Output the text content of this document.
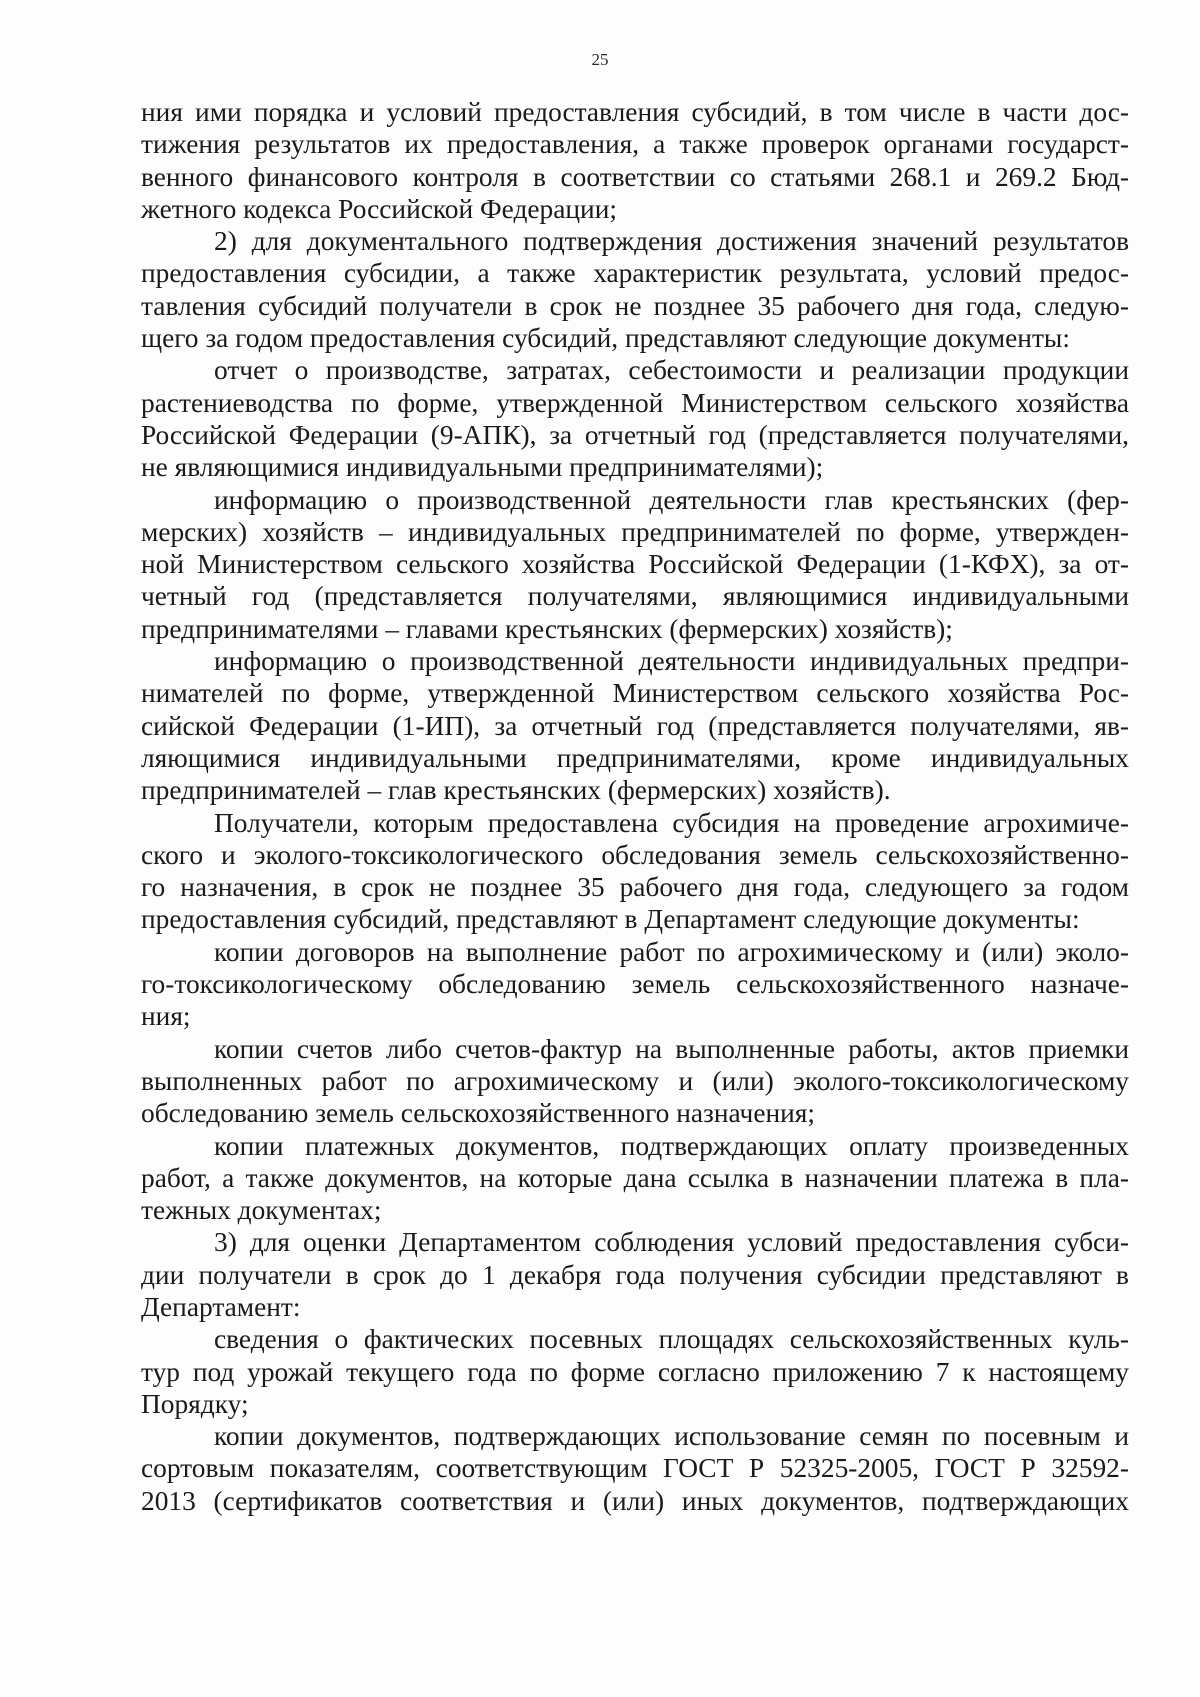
25
ния ими порядка и условий предоставления субсидий, в том числе в части дос-
тижения результатов их предоставления, а также проверок органами государст-
венного финансового контроля в соответствии со статьями 268.1 и 269.2 Бюд-
жетного кодекса Российской Федерации;
2) для документального подтверждения достижения значений результатов
предоставления субсидии, а также характеристик результата, условий предос-
тавления субсидий получатели в срок не позднее 35 рабочего дня года, следую-
щего за годом предоставления субсидий, представляют следующие документы:
отчет о производстве, затратах, себестоимости и реализации продукции
растениеводства по форме, утвержденной Министерством сельского хозяйства
Российской Федерации (9-АПК), за отчетный год (представляется получателями,
не являющимися индивидуальными предпринимателями);
информацию о производственной деятельности глав крестьянских (фер-
мерских) хозяйств – индивидуальных предпринимателей по форме, утвержден-
ной Министерством сельского хозяйства Российской Федерации (1-КФХ), за от-
четный год (представляется получателями, являющимися индивидуальными
предпринимателями – главами крестьянских (фермерских) хозяйств);
информацию о производственной деятельности индивидуальных предпри-
нимателей по форме, утвержденной Министерством сельского хозяйства Рос-
сийской Федерации (1-ИП), за отчетный год (представляется получателями, яв-
ляющимися индивидуальными предпринимателями, кроме индивидуальных
предпринимателей – глав крестьянских (фермерских) хозяйств).
Получатели, которым предоставлена субсидия на проведение агрохимиче-
ского и эколого-токсикологического обследования земель сельскохозяйственно-
го назначения, в срок не позднее 35 рабочего дня года, следующего за годом
предоставления субсидий, представляют в Департамент следующие документы:
копии договоров на выполнение работ по агрохимическому и (или) эколо-
го-токсикологическому обследованию земель сельскохозяйственного назначе-
ния;
копии счетов либо счетов-фактур на выполненные работы, актов приемки
выполненных работ по агрохимическому и (или) эколого-токсикологическому
обследованию земель сельскохозяйственного назначения;
копии платежных документов, подтверждающих оплату произведенных
работ, а также документов, на которые дана ссылка в назначении платежа в пла-
тежных документах;
3) для оценки Департаментом соблюдения условий предоставления субси-
дии получатели в срок до 1 декабря года получения субсидии представляют в
Департамент:
сведения о фактических посевных площадях сельскохозяйственных куль-
тур под урожай текущего года по форме согласно приложению 7 к настоящему
Порядку;
копии документов, подтверждающих использование семян по посевным и
сортовым показателям, соответствующим ГОСТ Р 52325-2005, ГОСТ Р 32592-
2013 (сертификатов соответствия и (или) иных документов, подтверждающих
